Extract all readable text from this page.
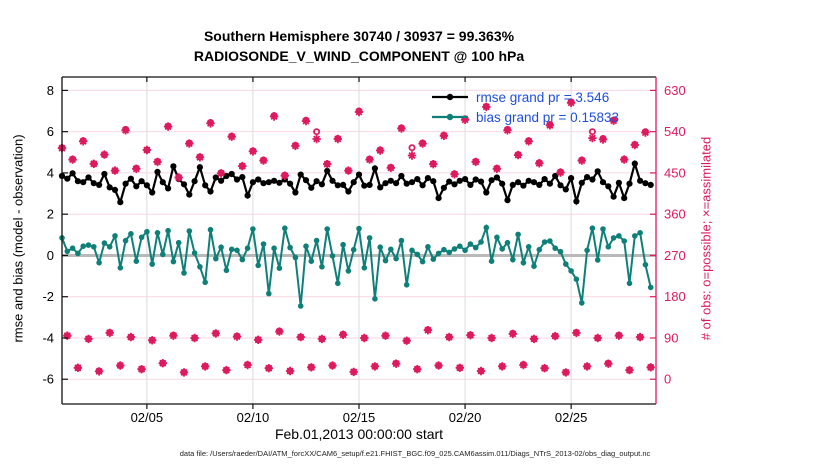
Southern Hemisphere 30740 / 30937 = 99.363%
RADIOSONDE_V_WIND_COMPONENT @ 100 hPa
8
6
4
2
0
-2
-4
-6
630
540
450
360
270
180
90
0
02/05	02/10	02/15	02/20	02/25
rmse and bias (model - observation)	# of obs: o=possible; ×=assimilated
Feb.01,2013 00:00:00 start
rmse grand pr = 3.546
bias grand pr = 0.15833
data file: /Users/raeder/DAI/ATM_forcXX/CAM6_setup/f.e21.FHIST_BGC.f09_025.CAM6assim.011/Diags_NTrS_2013-02/obs_diag_output.nc
